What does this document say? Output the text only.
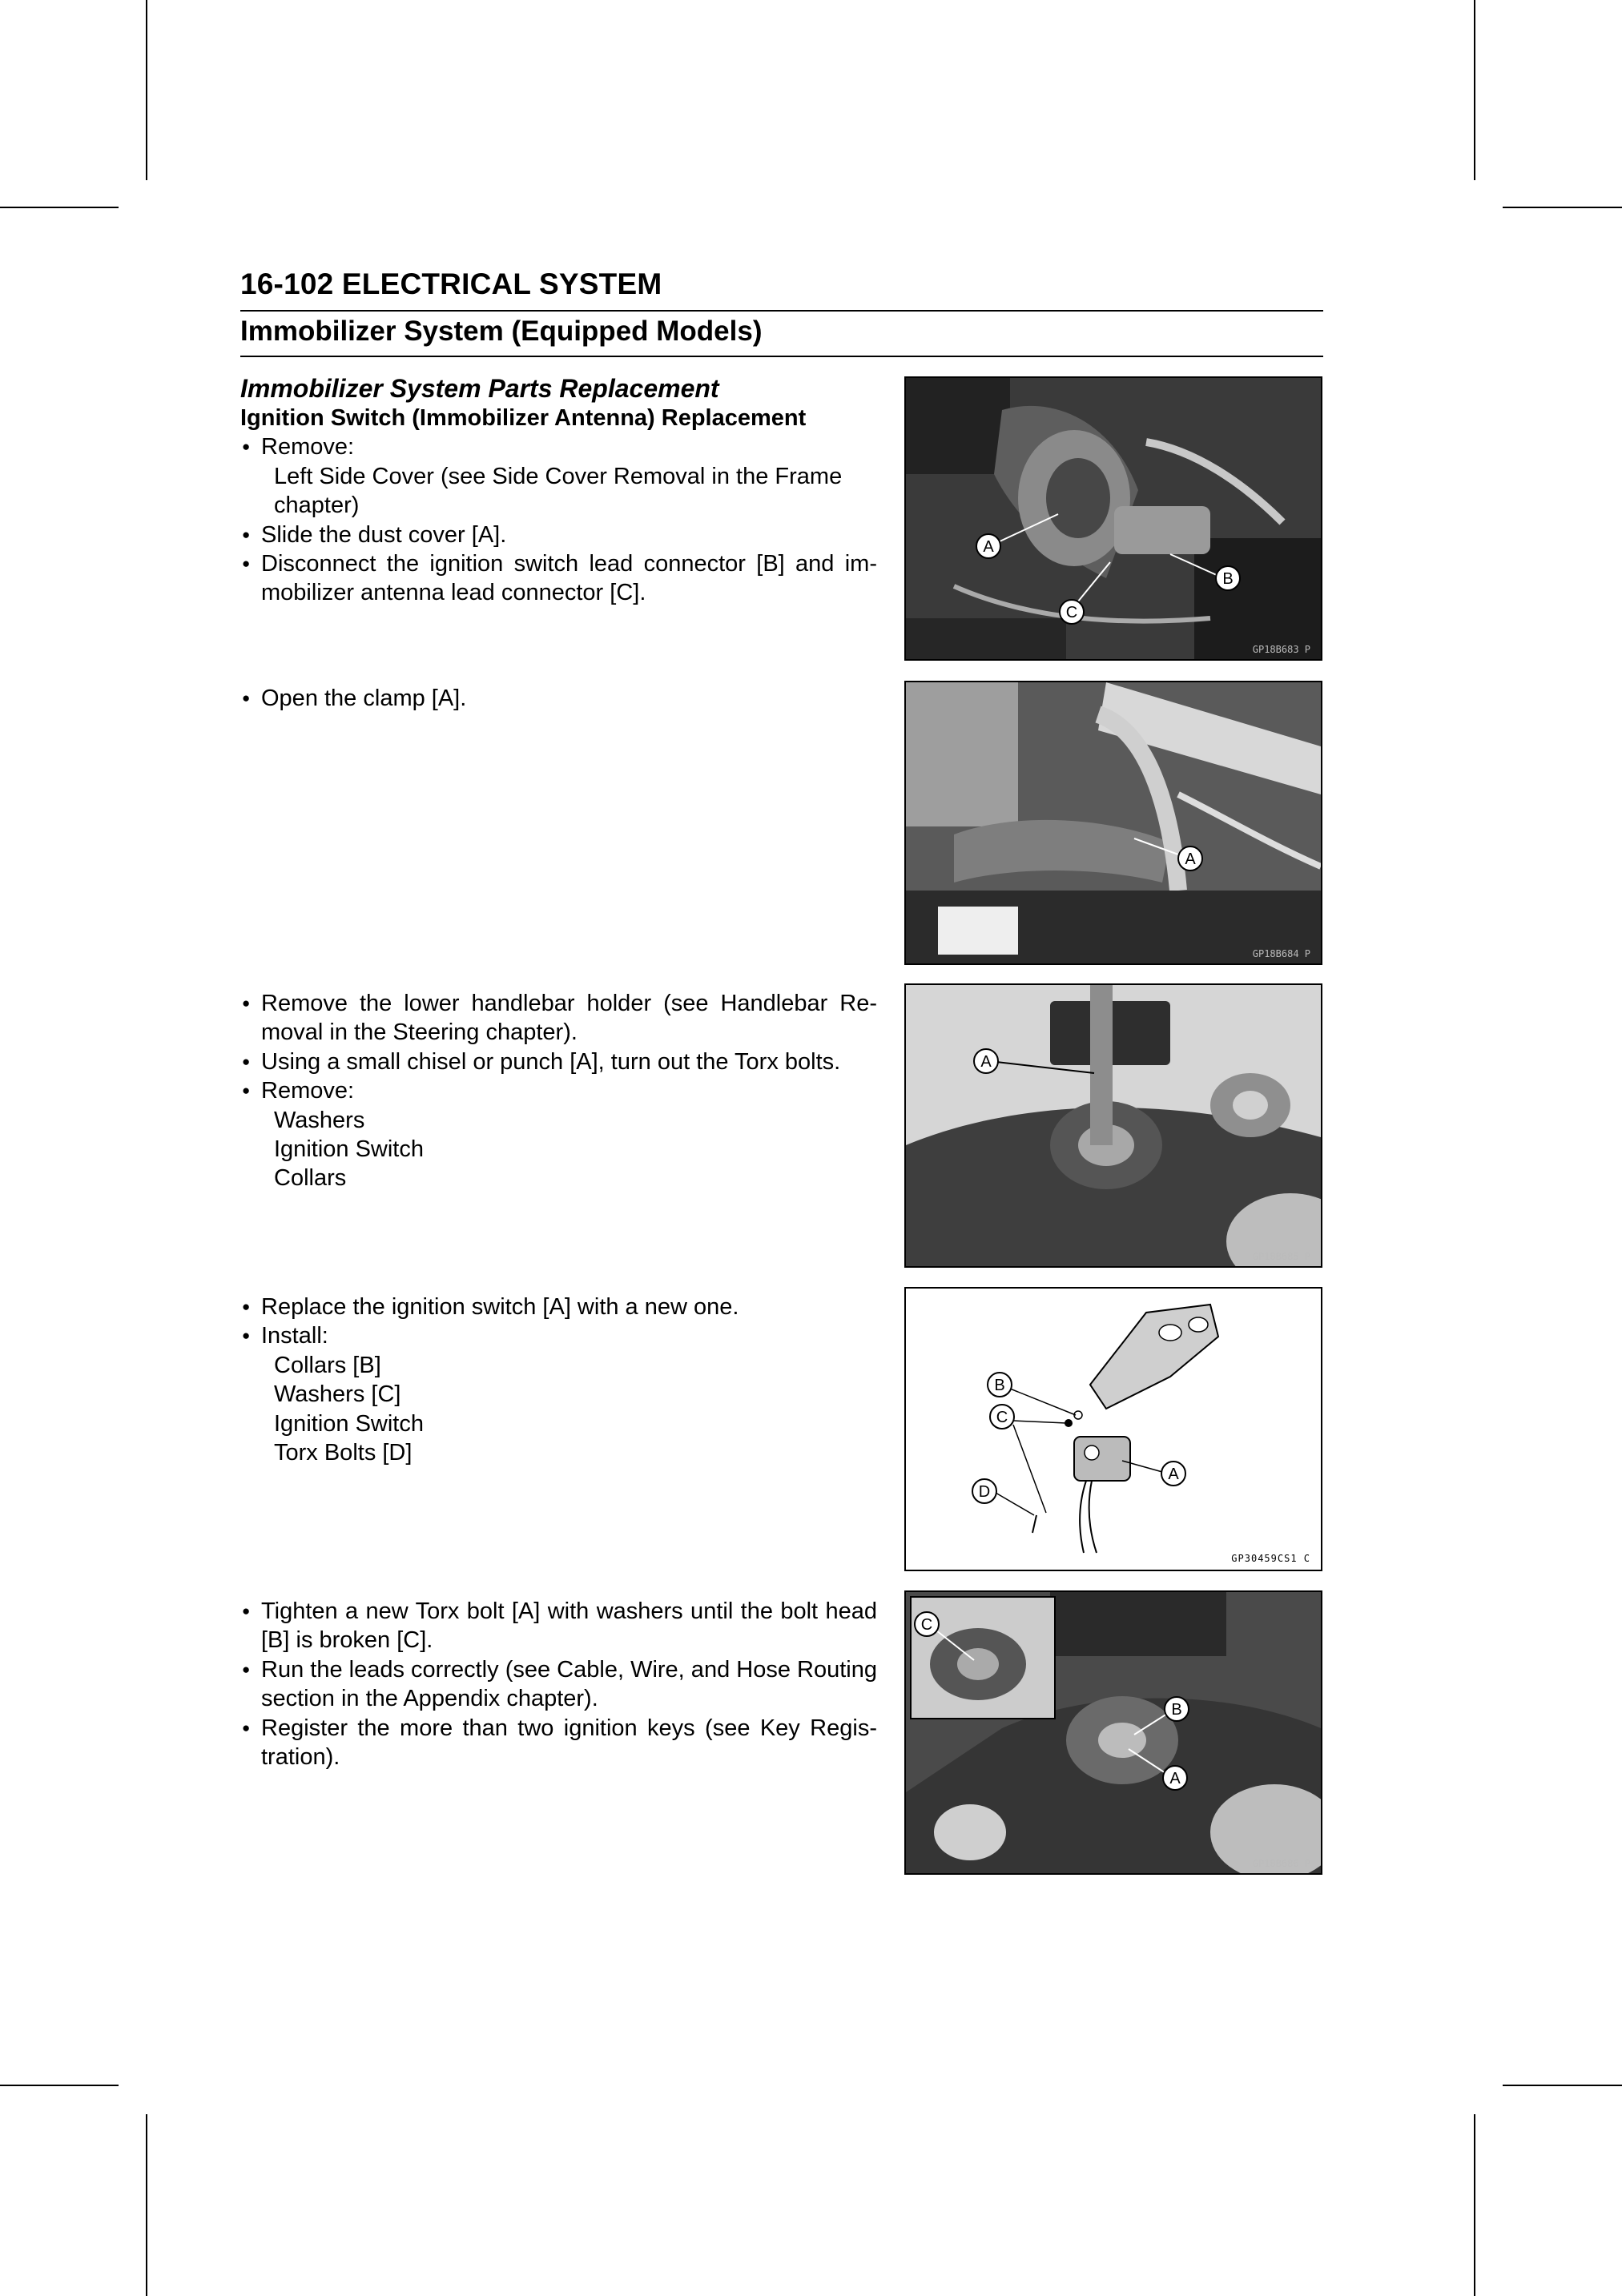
16-102 ELECTRICAL SYSTEM
Immobilizer System (Equipped Models)
Immobilizer System Parts Replacement
Ignition Switch (Immobilizer Antenna) Replacement
● Remove:
Left Side Cover (see Side Cover Removal in the Frame chapter)
● Slide the dust cover [A].
● Disconnect the ignition switch lead connector [B] and immobilizer antenna lead connector [C].
● Open the clamp [A].
● Remove the lower handlebar holder (see Handlebar Removal in the Steering chapter).
● Using a small chisel or punch [A], turn out the Torx bolts.
● Remove:
Washers
Ignition Switch
Collars
● Replace the ignition switch [A] with a new one.
● Install:
Collars [B]
Washers [C]
Ignition Switch
Torx Bolts [D]
● Tighten a new Torx bolt [A] with washers until the bolt head [B] is broken [C].
● Run the leads correctly (see Cable, Wire, and Hose Routing section in the Appendix chapter).
● Register the more than two ignition keys (see Key Registration).
A
B
C
GP18B683 P
A
GP18B684 P
A
GP18B685 P
B
C
A
D
GP30459CS1 C
C
B
A
GP18B686 P
